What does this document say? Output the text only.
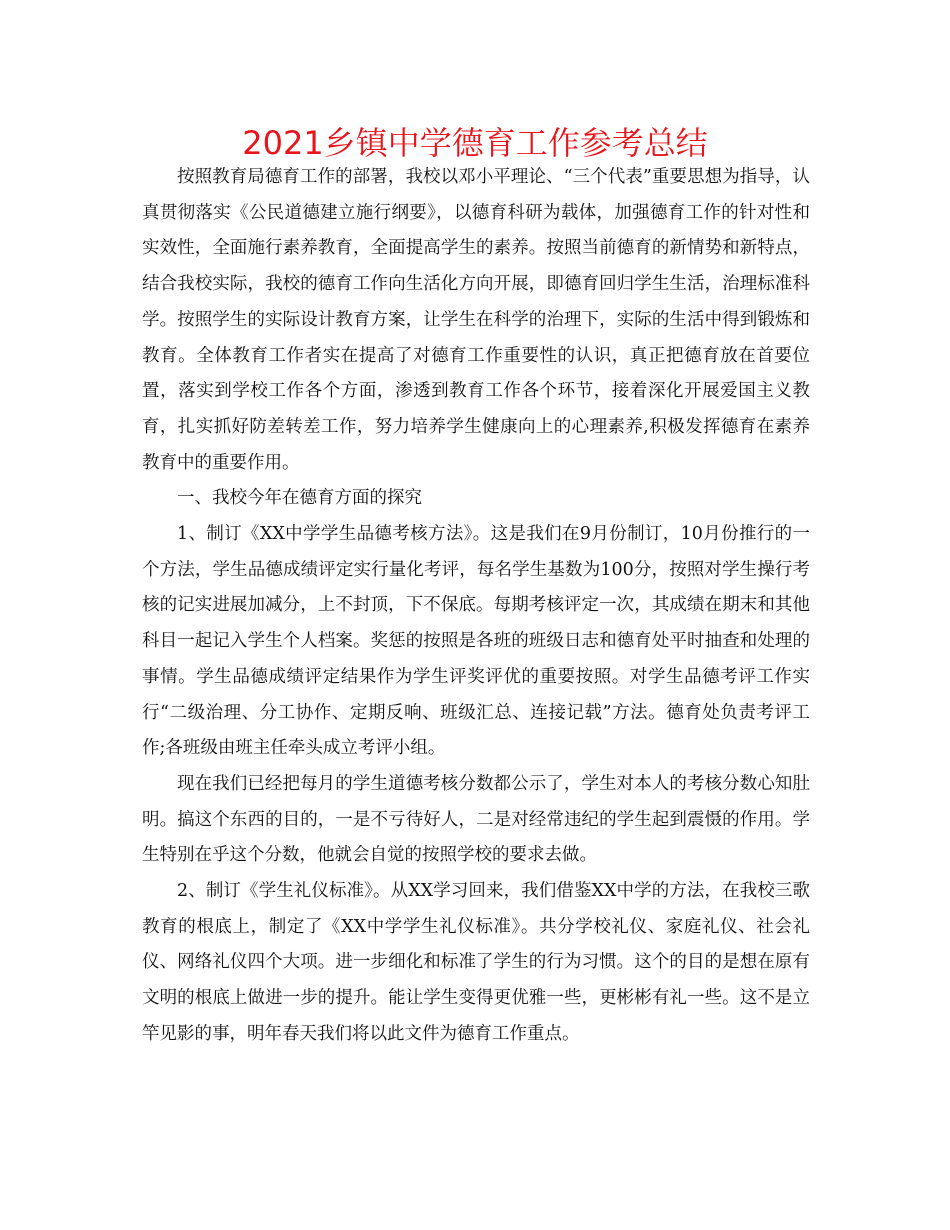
2021乡镇中学德育工作参考总结

按照教育局德育工作的部署，我校以邓小平理论、“三个代表”重要思想为指导，认真贯彻落实《公民道德建立施行纲要》，以德育科研为载体，加强德育工作的针对性和实效性，全面施行素养教育，全面提高学生的素养。按照当前德育的新情势和新特点，结合我校实际，我校的德育工作向生活化方向开展，即德育回归学生生活，治理标准科学。按照学生的实际设计教育方案，让学生在科学的治理下，实际的生活中得到锻炼和教育。全体教育工作者实在提高了对德育工作重要性的认识，真正把德育放在首要位置，落实到学校工作各个方面，渗透到教育工作各个环节，接着深化开展爱国主义教育，扎实抓好防差转差工作，努力培养学生健康向上的心理素养,积极发挥德育在素养教育中的重要作用。

一、我校今年在德育方面的探究

1、制订《XX中学学生品德考核方法》。这是我们在9月份制订，10月份推行的一个方法，学生品德成绩评定实行量化考评，每名学生基数为100分，按照对学生操行考核的记实进展加减分，上不封顶，下不保底。每期考核评定一次，其成绩在期末和其他科目一起记入学生个人档案。奖惩的按照是各班的班级日志和德育处平时抽查和处理的事情。学生品德成绩评定结果作为学生评奖评优的重要按照。对学生品德考评工作实行“二级治理、分工协作、定期反响、班级汇总、连接记载”方法。德育处负责考评工作;各班级由班主任牵头成立考评小组。

现在我们已经把每月的学生道德考核分数都公示了，学生对本人的考核分数心知肚明。搞这个东西的目的，一是不亏待好人，二是对经常违纪的学生起到震慑的作用。学生特别在乎这个分数，他就会自觉的按照学校的要求去做。

2、制订《学生礼仪标准》。从XX学习回来，我们借鉴XX中学的方法，在我校三歌教育的根底上，制定了《XX中学学生礼仪标准》。共分学校礼仪、家庭礼仪、社会礼仪、网络礼仪四个大项。进一步细化和标准了学生的行为习惯。这个的目的是想在原有文明的根底上做进一步的提升。能让学生变得更优雅一些，更彬彬有礼一些。这不是立竿见影的事，明年春天我们将以此文件为德育工作重点。
